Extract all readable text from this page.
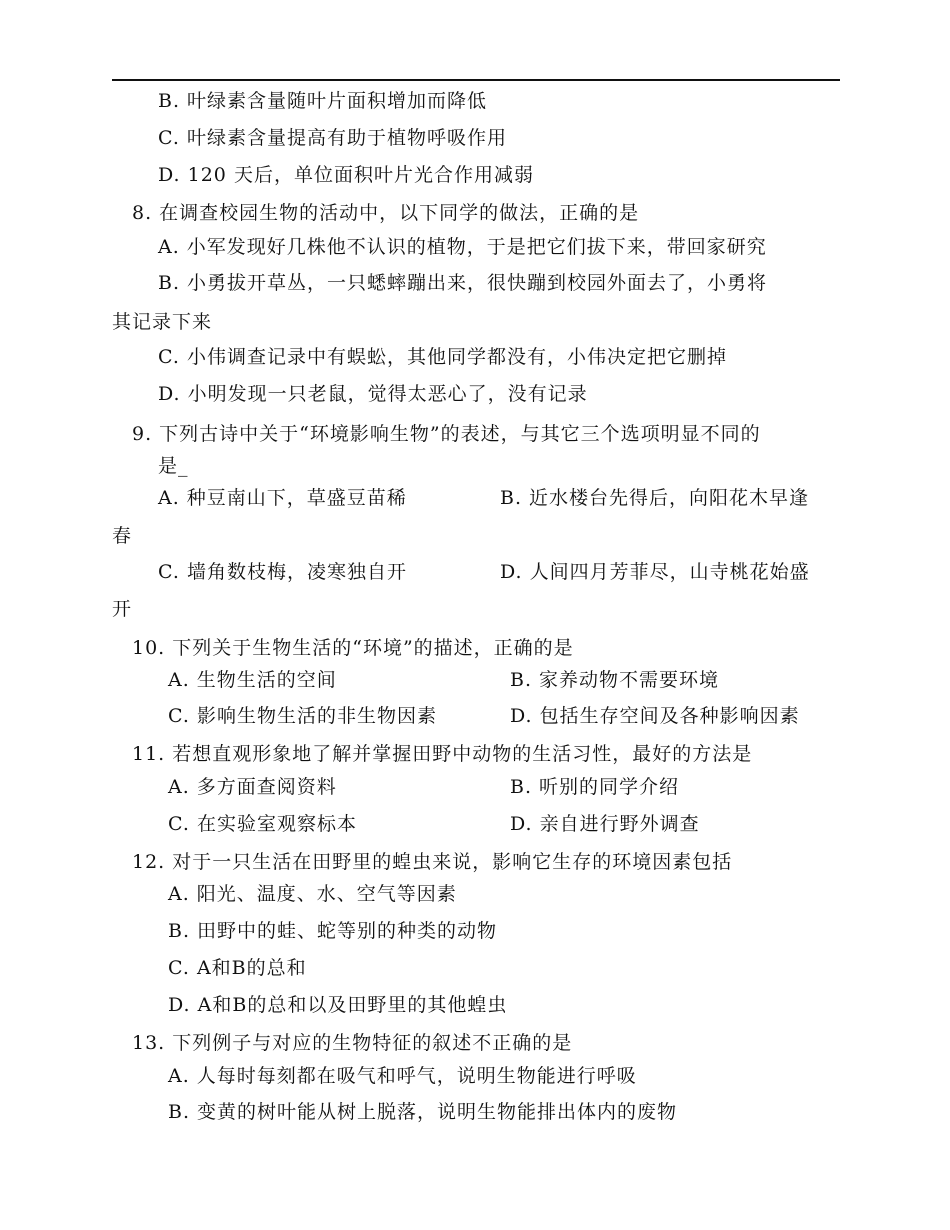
B. 叶绿素含量随叶片面积增加而降低
C. 叶绿素含量提高有助于植物呼吸作用
D. 120 天后，单位面积叶片光合作用减弱
8. 在调查校园生物的活动中，以下同学的做法，正确的是
A. 小军发现好几株他不认识的植物，于是把它们拔下来，带回家研究
B. 小勇拔开草丛，一只蟋蟀蹦出来，很快蹦到校园外面去了，小勇将
其记录下来
C. 小伟调查记录中有蜈蚣，其他同学都没有，小伟决定把它删掉
D. 小明发现一只老鼠，觉得太恶心了，没有记录
9. 下列古诗中关于“环境影响生物”的表述，与其它三个选项明显不同的
是_
A. 种豆南山下，草盛豆苗稀	B. 近水楼台先得后，向阳花木早逢
春
C. 墙角数枝梅，凌寒独自开	D. 人间四月芳菲尽，山寺桃花始盛
开
10. 下列关于生物生活的“环境”的描述，正确的是
A. 生物生活的空间	B. 家养动物不需要环境
C. 影响生物生活的非生物因素	D. 包括生存空间及各种影响因素
11. 若想直观形象地了解并掌握田野中动物的生活习性，最好的方法是
A. 多方面查阅资料	B. 听别的同学介绍
C. 在实验室观察标本	D. 亲自进行野外调查
12. 对于一只生活在田野里的蝗虫来说，影响它生存的环境因素包括
A. 阳光、温度、水、空气等因素
B. 田野中的蛙、蛇等别的种类的动物
C. A和B的总和
D. A和B的总和以及田野里的其他蝗虫
13. 下列例子与对应的生物特征的叙述不正确的是
A. 人每时每刻都在吸气和呼气，说明生物能进行呼吸
B. 变黄的树叶能从树上脱落，说明生物能排出体内的废物
